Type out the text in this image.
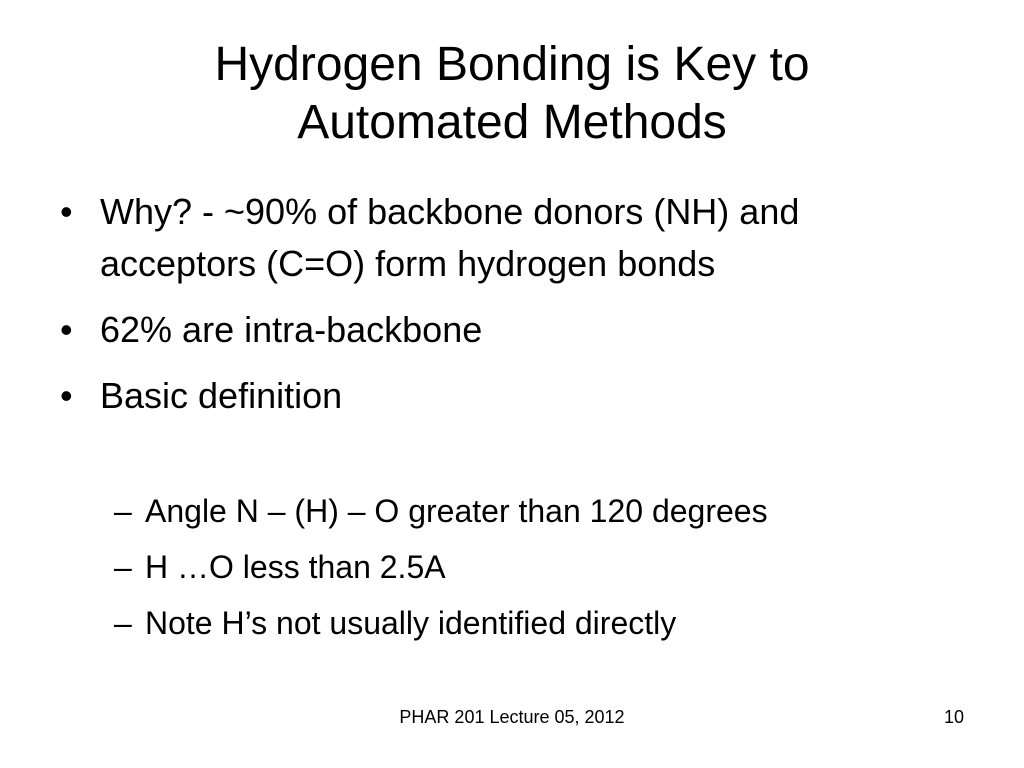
Hydrogen Bonding is Key to
Automated Methods
• Why? - ~90% of backbone donors (NH) and acceptors (C=O) form hydrogen bonds
• 62% are intra-backbone
• Basic definition
– Angle N – (H) – O greater than 120 degrees
– H …O less than 2.5A
– Note H’s not usually identified directly
PHAR 201 Lecture 05, 2012	10
